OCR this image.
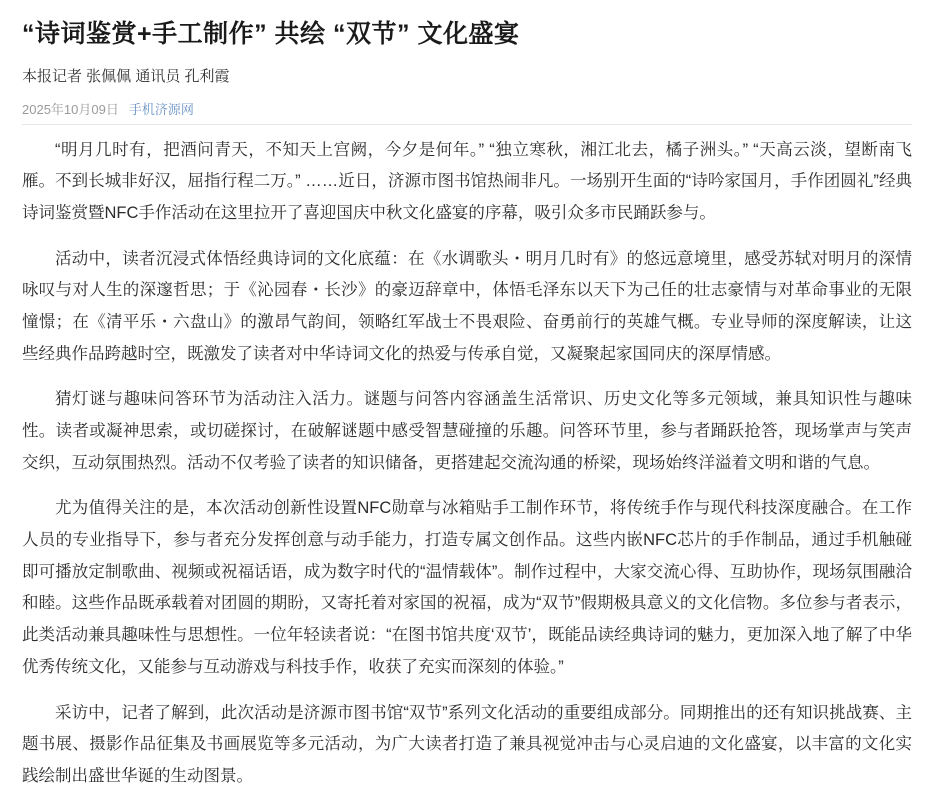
“诗词鉴赏+手工制作” 共绘 “双节” 文化盛宴
本报记者 张佩佩 通讯员 孔利霞
2025年10月09日 手机济源网

“明月几时有，把酒问青天，不知天上宫阙，今夕是何年。” “独立寒秋，湘江北去，橘子洲头。” “天高云淡，望断南飞雁。不到长城非好汉，屈指行程二万。” ……近日，济源市图书馆热闹非凡。一场别开生面的“诗吟家国月，手作团圆礼”经典诗词鉴赏暨NFC手作活动在这里拉开了喜迎国庆中秋文化盛宴的序幕，吸引众多市民踊跃参与。

活动中，读者沉浸式体悟经典诗词的文化底蕴：在《水调歌头・明月几时有》的悠远意境里，感受苏轼对明月的深情咏叹与对人生的深邃哲思；于《沁园春・长沙》的豪迈辞章中，体悟毛泽东以天下为己任的壮志豪情与对革命事业的无限憧憬；在《清平乐・六盘山》的激昂气韵间，领略红军战士不畏艰险、奋勇前行的英雄气概。专业导师的深度解读，让这些经典作品跨越时空，既激发了读者对中华诗词文化的热爱与传承自觉，又凝聚起家国同庆的深厚情感。

猜灯谜与趣味问答环节为活动注入活力。谜题与问答内容涵盖生活常识、历史文化等多元领域，兼具知识性与趣味性。读者或凝神思索，或切磋探讨，在破解谜题中感受智慧碰撞的乐趣。问答环节里，参与者踊跃抢答，现场掌声与笑声交织，互动氛围热烈。活动不仅考验了读者的知识储备，更搭建起交流沟通的桥梁，现场始终洋溢着文明和谐的气息。

尤为值得关注的是，本次活动创新性设置NFC勋章与冰箱贴手工制作环节，将传统手作与现代科技深度融合。在工作人员的专业指导下，参与者充分发挥创意与动手能力，打造专属文创作品。这些内嵌NFC芯片的手作制品，通过手机触碰即可播放定制歌曲、视频或祝福话语，成为数字时代的“温情载体”。制作过程中，大家交流心得、互助协作，现场氛围融洽和睦。这些作品既承载着对团圆的期盼，又寄托着对家国的祝福，成为“双节”假期极具意义的文化信物。多位参与者表示，此类活动兼具趣味性与思想性。一位年轻读者说：“在图书馆共度‘双节’，既能品读经典诗词的魅力，更加深入地了解了中华优秀传统文化，又能参与互动游戏与科技手作，收获了充实而深刻的体验。”

采访中，记者了解到，此次活动是济源市图书馆“双节”系列文化活动的重要组成部分。同期推出的还有知识挑战赛、主题书展、摄影作品征集及书画展览等多元活动，为广大读者打造了兼具视觉冲击与心灵启迪的文化盛宴，以丰富的文化实践绘制出盛世华诞的生动图景。
